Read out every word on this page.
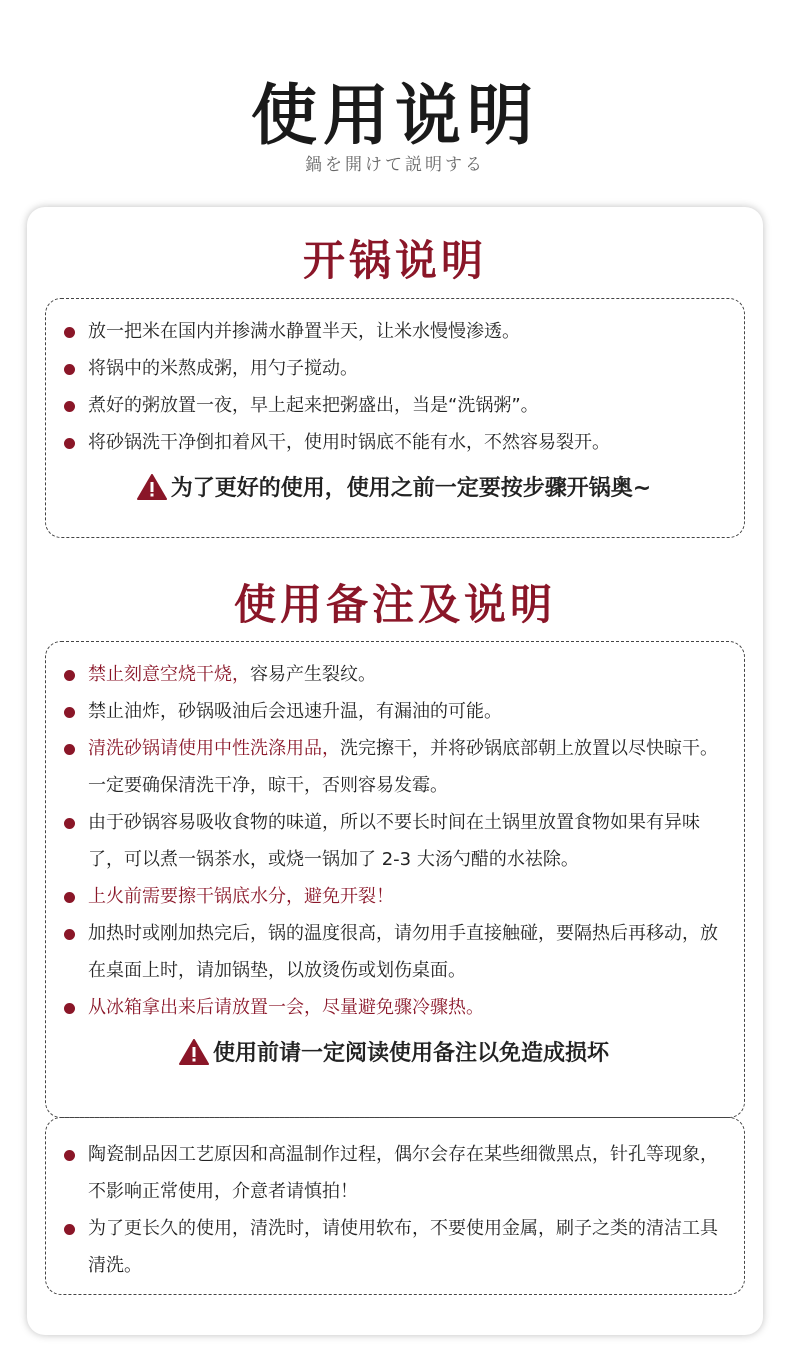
使用说明
鍋を開けて説明する
开锅说明
放一把米在国内并掺满水静置半天，让米水慢慢渗透。
将锅中的米熬成粥，用勺子搅动。
煮好的粥放置一夜，早上起来把粥盛出，当是“洗锅粥”。
将砂锅洗干净倒扣着风干，使用时锅底不能有水，不然容易裂开。
为了更好的使用，使用之前一定要按步骤开锅奥~
使用备注及说明
禁止刻意空烧干烧，容易产生裂纹。
禁止油炸，砂锅吸油后会迅速升温，有漏油的可能。
清洗砂锅请使用中性洗涤用品，洗完擦干，并将砂锅底部朝上放置以尽快晾干。一定要确保清洗干净，晾干，否则容易发霉。
由于砂锅容易吸收食物的味道，所以不要长时间在土锅里放置食物如果有异味了，可以煮一锅茶水，或烧一锅加了 2-3 大汤勺醋的水祛除。
上火前需要擦干锅底水分，避免开裂！
加热时或刚加热完后，锅的温度很高，请勿用手直接触碰，要隔热后再移动，放在桌面上时，请加锅垫，以放烫伤或划伤桌面。
从冰箱拿出来后请放置一会，尽量避免骤冷骤热。
使用前请一定阅读使用备注以免造成损坏
陶瓷制品因工艺原因和高温制作过程，偶尔会存在某些细微黑点，针孔等现象，不影响正常使用，介意者请慎拍！
为了更长久的使用，清洗时，请使用软布，不要使用金属，刷子之类的清洁工具清洗。
